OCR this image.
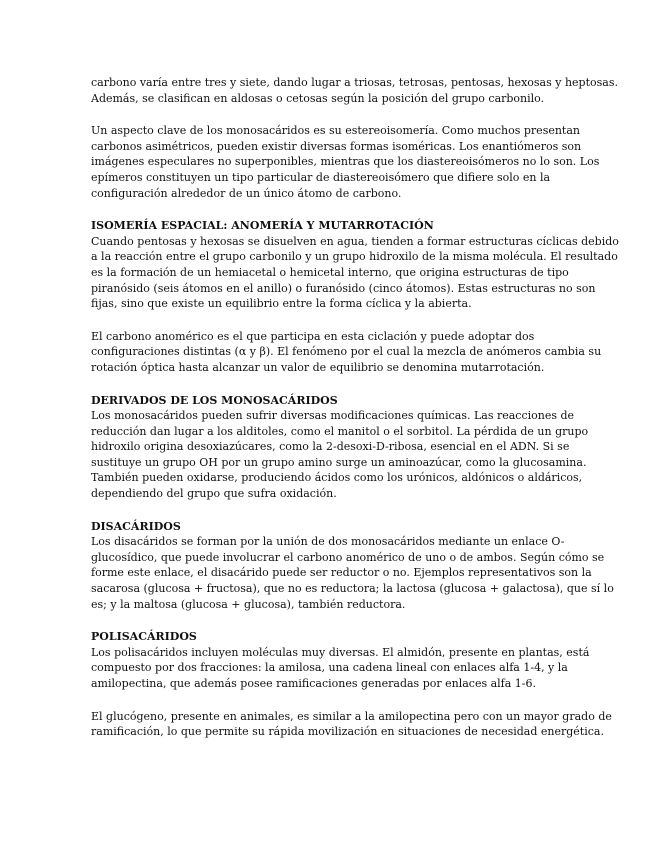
carbono varía entre tres y siete, dando lugar a triosas, tetrosas, pentosas, hexosas y heptosas.
Además, se clasifican en aldosas o cetosas según la posición del grupo carbonilo.

Un aspecto clave de los monosacáridos es su estereoisomería. Como muchos presentan
carbonos asimétricos, pueden existir diversas formas isoméricas. Los enantiómeros son
imágenes especulares no superponibles, mientras que los diastereoisómeros no lo son. Los
epímeros constituyen un tipo particular de diastereoisómero que difiere solo en la
configuración alrededor de un único átomo de carbono.

ISOMERÍA ESPACIAL: ANOMERÍA Y MUTARROTACIÓN

Cuando pentosas y hexosas se disuelven en agua, tienden a formar estructuras cíclicas debido
a la reacción entre el grupo carbonilo y un grupo hidroxilo de la misma molécula. El resultado
es la formación de un hemiacetal o hemicetal interno, que origina estructuras de tipo
piranósido (seis átomos en el anillo) o furanósido (cinco átomos). Estas estructuras no son
fijas, sino que existe un equilibrio entre la forma cíclica y la abierta.

El carbono anomérico es el que participa en esta ciclación y puede adoptar dos
configuraciones distintas (α y β). El fenómeno por el cual la mezcla de anómeros cambia su
rotación óptica hasta alcanzar un valor de equilibrio se denomina mutarrotación.

DERIVADOS DE LOS MONOSACÁRIDOS

Los monosacáridos pueden sufrir diversas modificaciones químicas. Las reacciones de
reducción dan lugar a los alditoles, como el manitol o el sorbitol. La pérdida de un grupo
hidroxilo origina desoxiazúcares, como la 2-desoxi-D-ribosa, esencial en el ADN. Si se
sustituye un grupo OH por un grupo amino surge un aminoazúcar, como la glucosamina.
También pueden oxidarse, produciendo ácidos como los urónicos, aldónicos o aldáricos,
dependiendo del grupo que sufra oxidación.

DISACÁRIDOS

Los disacáridos se forman por la unión de dos monosacáridos mediante un enlace O-
glucosídico, que puede involucrar el carbono anomérico de uno o de ambos. Según cómo se
forme este enlace, el disacárido puede ser reductor o no. Ejemplos representativos son la
sacarosa (glucosa + fructosa), que no es reductora; la lactosa (glucosa + galactosa), que sí lo
es; y la maltosa (glucosa + glucosa), también reductora.

POLISACÁRIDOS

Los polisacáridos incluyen moléculas muy diversas. El almidón, presente en plantas, está
compuesto por dos fracciones: la amilosa, una cadena lineal con enlaces alfa 1-4, y la
amilopectina, que además posee ramificaciones generadas por enlaces alfa 1-6.

El glucógeno, presente en animales, es similar a la amilopectina pero con un mayor grado de
ramificación, lo que permite su rápida movilización en situaciones de necesidad energética.
